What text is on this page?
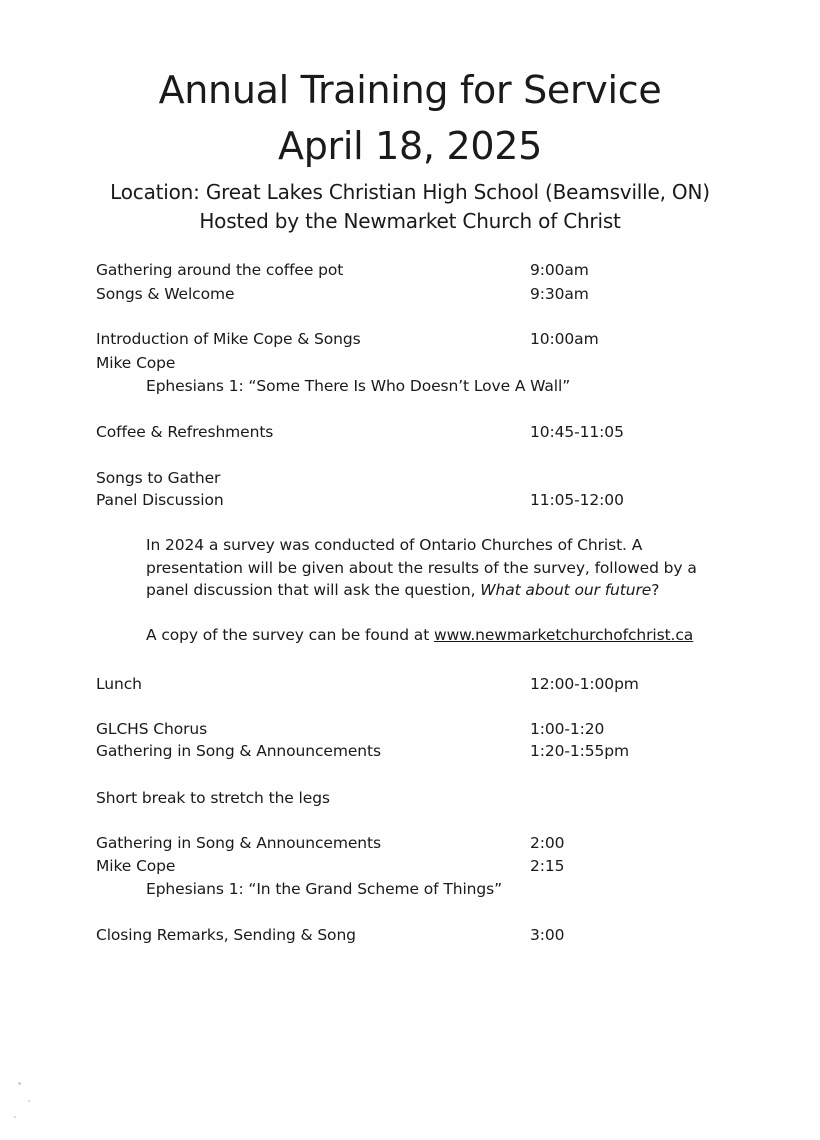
Annual Training for Service
April 18, 2025
Location: Great Lakes Christian High School (Beamsville, ON)
Hosted by the Newmarket Church of Christ
Gathering around the coffee pot	9:00am
Songs & Welcome	9:30am
Introduction of Mike Cope & Songs	10:00am
Mike Cope
Ephesians 1: “Some There Is Who Doesn’t Love A Wall”
Coffee & Refreshments	10:45-11:05
Songs to Gather
Panel Discussion	11:05-12:00
In 2024 a survey was conducted of Ontario Churches of Christ. A presentation will be given about the results of the survey, followed by a panel discussion that will ask the question, What about our future?
A copy of the survey can be found at www.newmarketchurchofchrist.ca
Lunch	12:00-1:00pm
GLCHS Chorus	1:00-1:20
Gathering in Song & Announcements	1:20-1:55pm
Short break to stretch the legs
Gathering in Song & Announcements	2:00
Mike Cope	2:15
Ephesians 1: “In the Grand Scheme of Things”
Closing Remarks, Sending & Song	3:00
